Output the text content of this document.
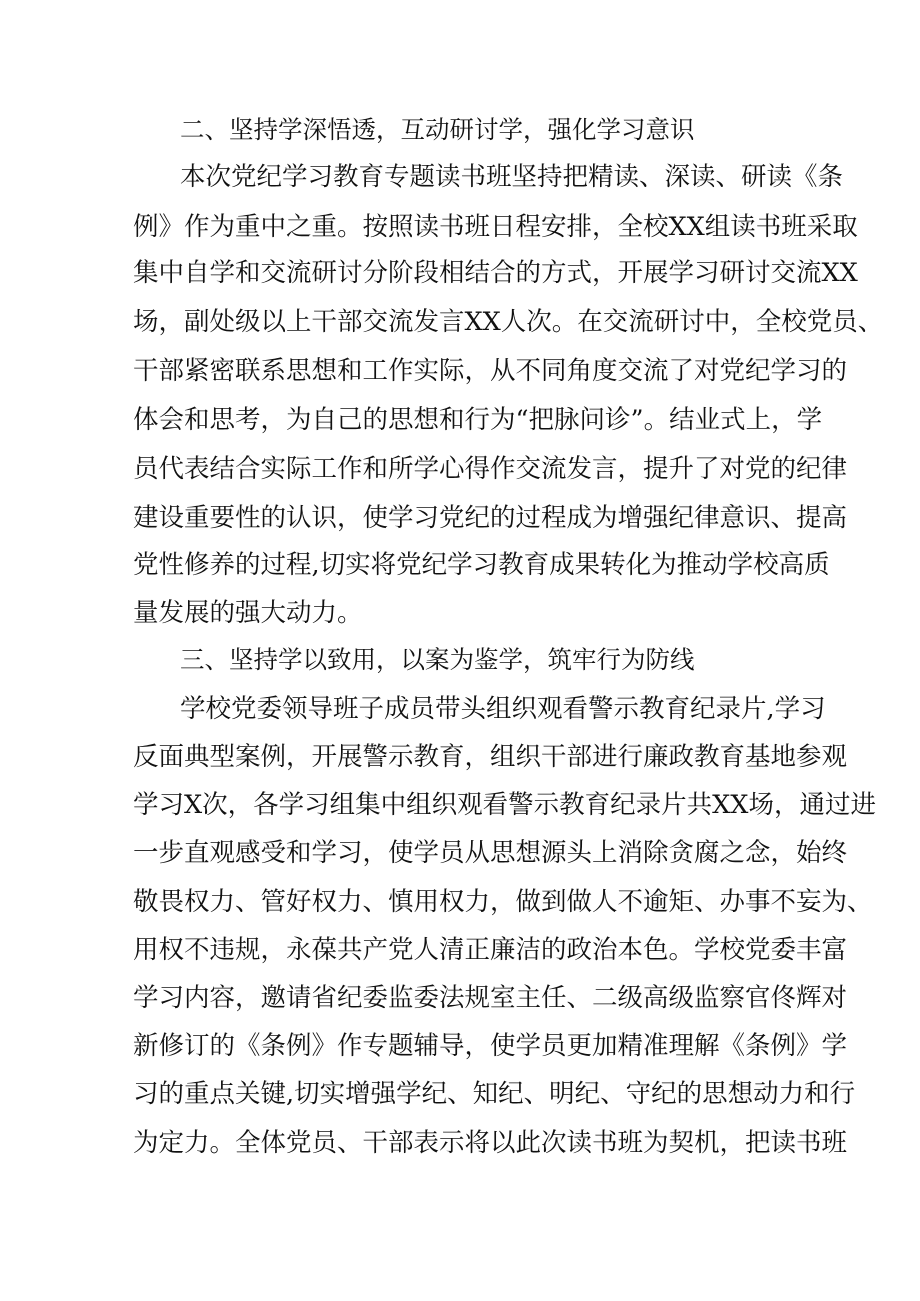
二、坚持学深悟透，互动研讨学，强化学习意识
本次党纪学习教育专题读书班坚持把精读、深读、研读《条
例》作为重中之重。按照读书班日程安排，全校XX组读书班采取
集中自学和交流研讨分阶段相结合的方式，开展学习研讨交流XX
场，副处级以上干部交流发言XX人次。在交流研讨中，全校党员、
干部紧密联系思想和工作实际，从不同角度交流了对党纪学习的
体会和思考，为自己的思想和行为“把脉问诊”。结业式上，学
员代表结合实际工作和所学心得作交流发言，提升了对党的纪律
建设重要性的认识，使学习党纪的过程成为增强纪律意识、提高
党性修养的过程,切实将党纪学习教育成果转化为推动学校高质
量发展的强大动力。
三、坚持学以致用，以案为鉴学，筑牢行为防线
学校党委领导班子成员带头组织观看警示教育纪录片,学习
反面典型案例，开展警示教育，组织干部进行廉政教育基地参观
学习X次，各学习组集中组织观看警示教育纪录片共XX场，通过进
一步直观感受和学习，使学员从思想源头上消除贪腐之念，始终
敬畏权力、管好权力、慎用权力，做到做人不逾矩、办事不妄为、
用权不违规，永葆共产党人清正廉洁的政治本色。学校党委丰富
学习内容，邀请省纪委监委法规室主任、二级高级监察官佟辉对
新修订的《条例》作专题辅导，使学员更加精准理解《条例》学
习的重点关键,切实增强学纪、知纪、明纪、守纪的思想动力和行
为定力。全体党员、干部表示将以此次读书班为契机，把读书班
